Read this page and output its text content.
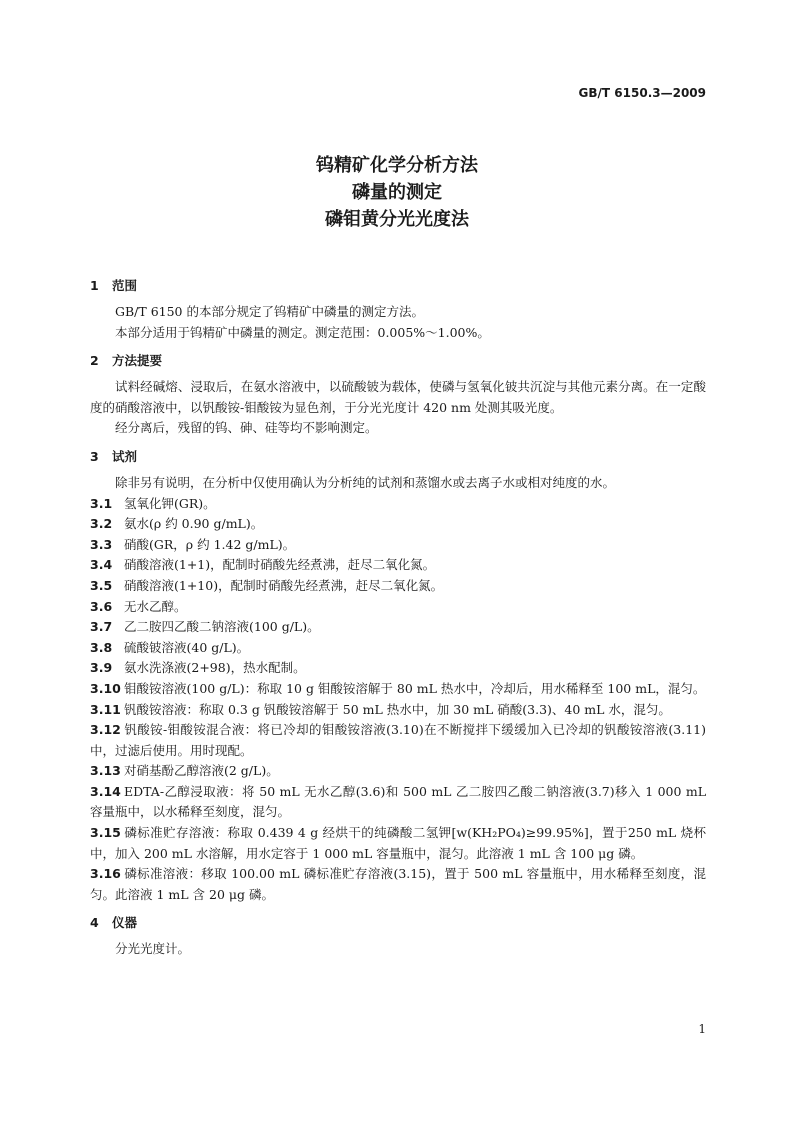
GB/T 6150.3—2009
钨精矿化学分析方法
磷量的测定
磷钼黄分光光度法
1 范围
GB/T 6150 的本部分规定了钨精矿中磷量的测定方法。
本部分适用于钨精矿中磷量的测定。测定范围：0.005%～1.00%。
2 方法提要
试料经碱熔、浸取后，在氨水溶液中，以硫酸铍为载体，使磷与氢氧化铍共沉淀与其他元素分离。在一定酸度的硝酸溶液中，以钒酸铵-钼酸铵为显色剂，于分光光度计 420 nm 处测其吸光度。
经分离后，残留的钨、砷、硅等均不影响测定。
3 试剂
除非另有说明，在分析中仅使用确认为分析纯的试剂和蒸馏水或去离子水或相对纯度的水。
3.1 氢氧化钾(GR)。
3.2 氨水(ρ 约 0.90 g/mL)。
3.3 硝酸(GR，ρ 约 1.42 g/mL)。
3.4 硝酸溶液(1+1)，配制时硝酸先经煮沸，赶尽二氧化氮。
3.5 硝酸溶液(1+10)，配制时硝酸先经煮沸，赶尽二氧化氮。
3.6 无水乙醇。
3.7 乙二胺四乙酸二钠溶液(100 g/L)。
3.8 硫酸铍溶液(40 g/L)。
3.9 氨水洗涤液(2+98)，热水配制。
3.10 钼酸铵溶液(100 g/L)：称取 10 g 钼酸铵溶解于 80 mL 热水中，冷却后，用水稀释至 100 mL，混匀。
3.11 钒酸铵溶液：称取 0.3 g 钒酸铵溶解于 50 mL 热水中，加 30 mL 硝酸(3.3)、40 mL 水，混匀。
3.12 钒酸铵-钼酸铵混合液：将已冷却的钼酸铵溶液(3.10)在不断搅拌下缓缓加入已冷却的钒酸铵溶液(3.11)中，过滤后使用。用时现配。
3.13 对硝基酚乙醇溶液(2 g/L)。
3.14 EDTA-乙醇浸取液：将 50 mL 无水乙醇(3.6)和 500 mL 乙二胺四乙酸二钠溶液(3.7)移入 1 000 mL 容量瓶中，以水稀释至刻度，混匀。
3.15 磷标准贮存溶液：称取 0.439 4 g 经烘干的纯磷酸二氢钾[w(KH₂PO₄)≥99.95%]，置于250 mL 烧杯中，加入 200 mL 水溶解，用水定容于 1 000 mL 容量瓶中，混匀。此溶液 1 mL 含 100 μg 磷。
3.16 磷标准溶液：移取 100.00 mL 磷标准贮存溶液(3.15)，置于 500 mL 容量瓶中，用水稀释至刻度，混匀。此溶液 1 mL 含 20 μg 磷。
4 仪器
分光光度计。
1
